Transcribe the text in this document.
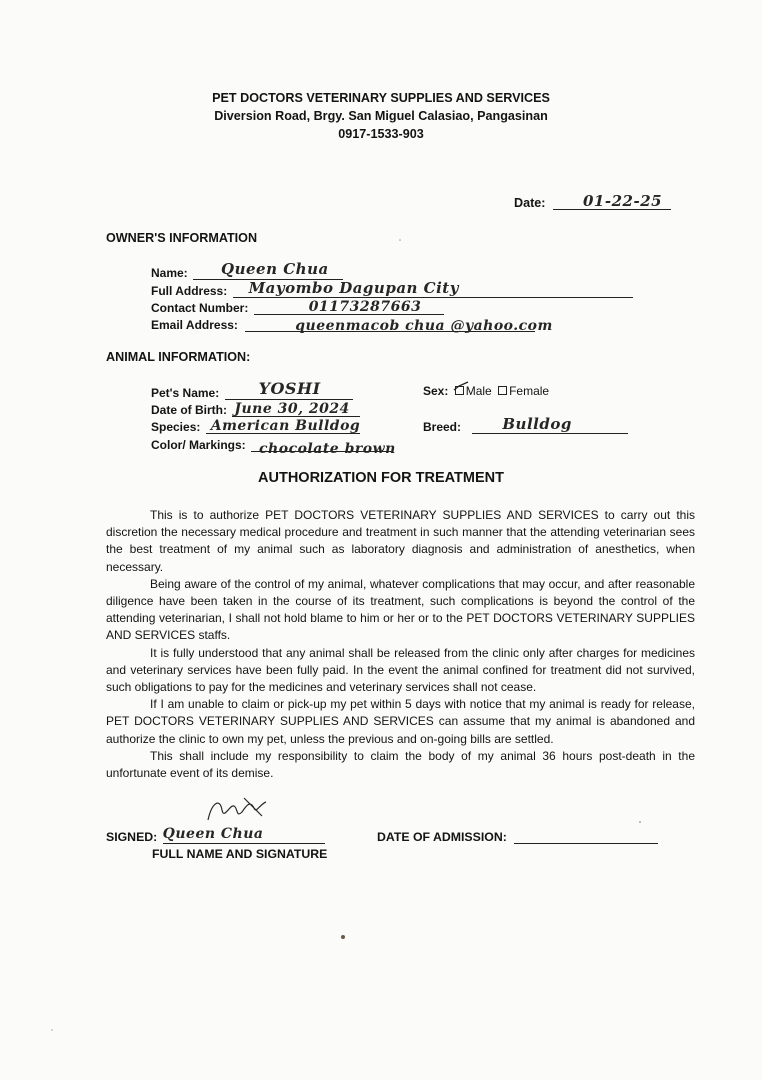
PET DOCTORS VETERINARY SUPPLIES AND SERVICES
Diversion Road, Brgy. San Miguel Calasiao, Pangasinan
0917-1533-903
Date:	01-22-25
OWNER'S INFORMATION
Name: Queen Chua
Full Address: Mayombo Dagupan City
Contact Number:	01173287663
Email Address:	queenmacob chua @yahoo.com
ANIMAL INFORMATION:
Pet's Name: YOSHI
Date of Birth: June 30, 2024
Species: American Bulldog
Color/ Markings: chocolate brown
Sex: Male Female
Breed:	Bulldog
AUTHORIZATION FOR TREATMENT

This is to authorize PET DOCTORS VETERINARY SUPPLIES AND SERVICES to carry out this discretion the necessary medical procedure and treatment in such manner that the attending veterinarian sees the best treatment of my animal such as laboratory diagnosis and administration of anesthetics, when necessary.

Being aware of the control of my animal, whatever complications that may occur, and after reasonable diligence have been taken in the course of its treatment, such complications is beyond the control of the attending veterinarian, I shall not hold blame to him or her or to the PET DOCTORS VETERINARY SUPPLIES AND SERVICES staffs.

It is fully understood that any animal shall be released from the clinic only after charges for medicines and veterinary services have been fully paid. In the event the animal confined for treatment did not survived, such obligations to pay for the medicines and veterinary services shall not cease.

If I am unable to claim or pick-up my pet within 5 days with notice that my animal is ready for release, PET DOCTORS VETERINARY SUPPLIES AND SERVICES can assume that my animal is abandoned and authorize the clinic to own my pet, unless the previous and on-going bills are settled.

This shall include my responsibility to claim the body of my animal 36 hours post-death in the unfortunate event of its demise.

SIGNED: Queen Chua
FULL NAME AND SIGNATURE
DATE OF ADMISSION:
